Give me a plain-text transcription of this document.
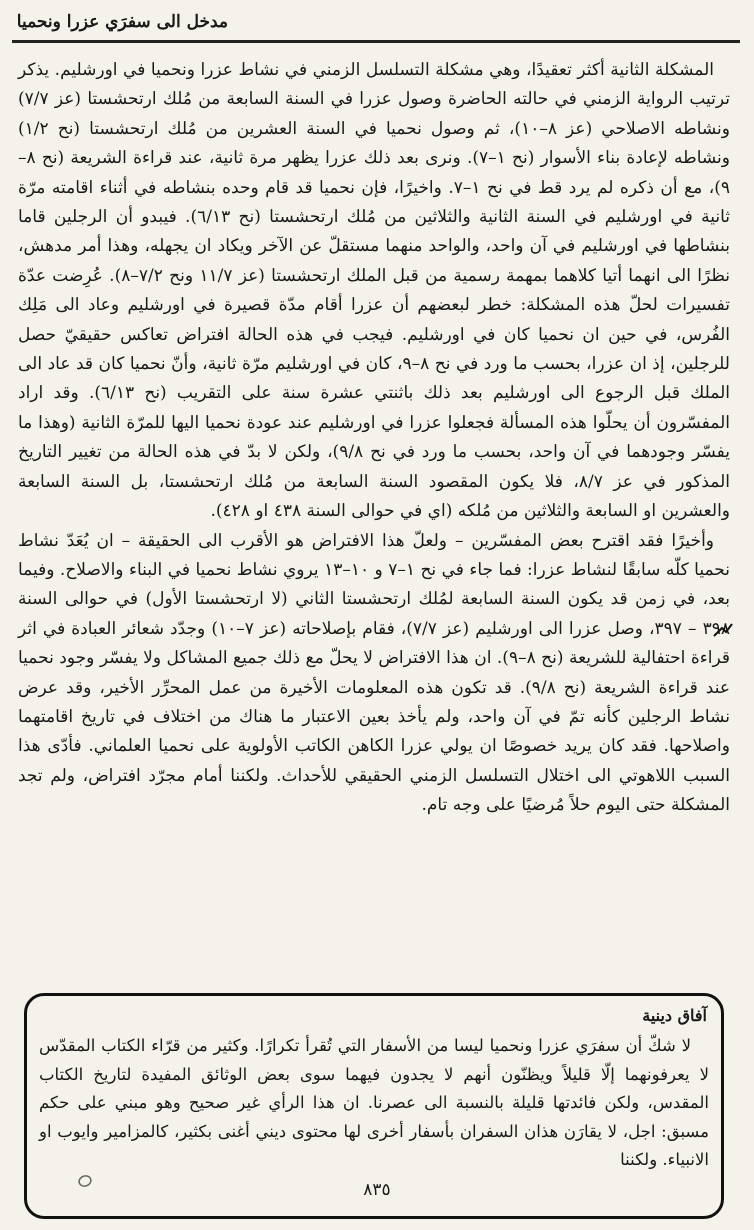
مدخل الى سفرَي عزرا ونحميا

المشكلة الثانية أكثر تعقيدًا، وهي مشكلة التسلسل الزمني في نشاط عزرا ونحميا في اورشليم. يذكر ترتيب الرواية الزمني في حالته الحاضرة وصول عزرا في السنة السابعة من مُلك ارتحشستا (عز ٧/٧) ونشاطه الاصلاحي (عز ٨–١٠)، ثم وصول نحميا في السنة العشرين من مُلك ارتحشستا (نح ١/٢) ونشاطه لإعادة بناء الأسوار (نح ١–٧). ونرى بعد ذلك عزرا يظهر مرة ثانية، عند قراءة الشريعة (نح ٨–٩)، مع أن ذكره لم يرد قط في نح ١–٧. واخيرًا، فإن نحميا قد قام وحده بنشاطه في أثناء اقامته مرّة ثانية في اورشليم في السنة الثانية والثلاثين من مُلك ارتحشستا (نح ٦/١٣). فيبدو أن الرجلين قاما بنشاطها في اورشليم في آن واحد، والواحد منهما مستقلّ عن الآخر ويكاد ان يجهله، وهذا أمر مدهش، نظرًا الى انهما أتيا كلاهما بمهمة رسمية من قبل الملك ارتحشستا (عز ١١/٧ ونح ٧/٢–٨). عُرِضت عدّة تفسيرات لحلّ هذه المشكلة: خطر لبعضهم أن عزرا أقام مدّة قصيرة في اورشليم وعاد الى مَلِك الفُرس، في حين ان نحميا كان في اورشليم. فيجب في هذه الحالة افتراض تعاكس حقيقيّ حصل للرجلين، إذ ان عزرا، بحسب ما ورد في نح ٨–٩، كان في اورشليم مرّة ثانية، وأنّ نحميا كان قد عاد الى الملك قبل الرجوع الى اورشليم بعد ذلك باثنتي عشرة سنة على التقريب (نح ٦/١٣). وقد اراد المفسّرون أن يحلّوا هذه المسألة فجعلوا عزرا في اورشليم عند عودة نحميا اليها للمرّة الثانية (وهذا ما يفسّر وجودهما في آن واحد، بحسب ما ورد في نح ٩/٨)، ولكن لا بدّ في هذه الحالة من تغيير التاريخ المذكور في عز ٨/٧، فلا يكون المقصود السنة السابعة من مُلك ارتحشستا، بل السنة السابعة والعشرين او السابعة والثلاثين من مُلكه (اي في حوالى السنة ٤٣٨ او ٤٢٨).

وأخيرًا فقد اقترح بعض المفسّرين – ولعلّ هذا الافتراض هو الأقرب الى الحقيقة – ان يُعَدّ نشاط نحميا كلّه سابقًا لنشاط عزرا: فما جاء في نح ١–٧ و ١٠–١٣ يروي نشاط نحميا في البناء والاصلاح. وفيما بعد، في زمن قد يكون السنة السابعة لمُلك ارتحشستا الثاني (لا ارتحشستا الأول) في حوالى السنة ٣٩٨ – ٣٩٧، وصل عزرا الى اورشليم (عز ٧/٧)، فقام بإصلاحاته (عز ٧–١٠) وجدّد شعائر العبادة في اثر قراءة احتفالية للشريعة (نح ٨–٩). ان هذا الافتراض لا يحلّ مع ذلك جميع المشاكل ولا يفسّر وجود نحميا عند قراءة الشريعة (نح ٩/٨). قد تكون هذه المعلومات الأخيرة من عمل المحرِّر الأخير، وقد عرض نشاط الرجلين كأنه تمّ في آن واحد، ولم يأخذ بعين الاعتبار ما هناك من اختلاف في تاريخ اقامتهما واصلاحها. فقد كان يريد خصوصًا ان يولي عزرا الكاهن الكاتب الأولوية على نحميا العلماني. فأدّى هذا السبب اللاهوتي الى اختلال التسلسل الزمني الحقيقي للأحداث. ولكننا أمام مجرّد افتراض، ولم تجد المشكلة حتى اليوم حلاً مُرضيًا على وجه تام.

آفاق دينية

لا شكّ أن سفرَي عزرا ونحميا ليسا من الأسفار التي تُقرأ تكرارًا. وكثير من قرّاء الكتاب المقدّس لا يعرفونهما إلّا قليلاً ويظنّون أنهم لا يجدون فيهما سوى بعض الوثائق المفيدة لتاريخ الكتاب المقدس، ولكن فائدتها قليلة بالنسبة الى عصرنا. ان هذا الرأي غير صحيح وهو مبني على حكم مسبق: اجل، لا يقارَن هذان السفران بأسفار أخرى لها محتوى ديني أغنى بكثير، كالمزامير وايوب او الانبياء. ولكننا

٨٣٥
